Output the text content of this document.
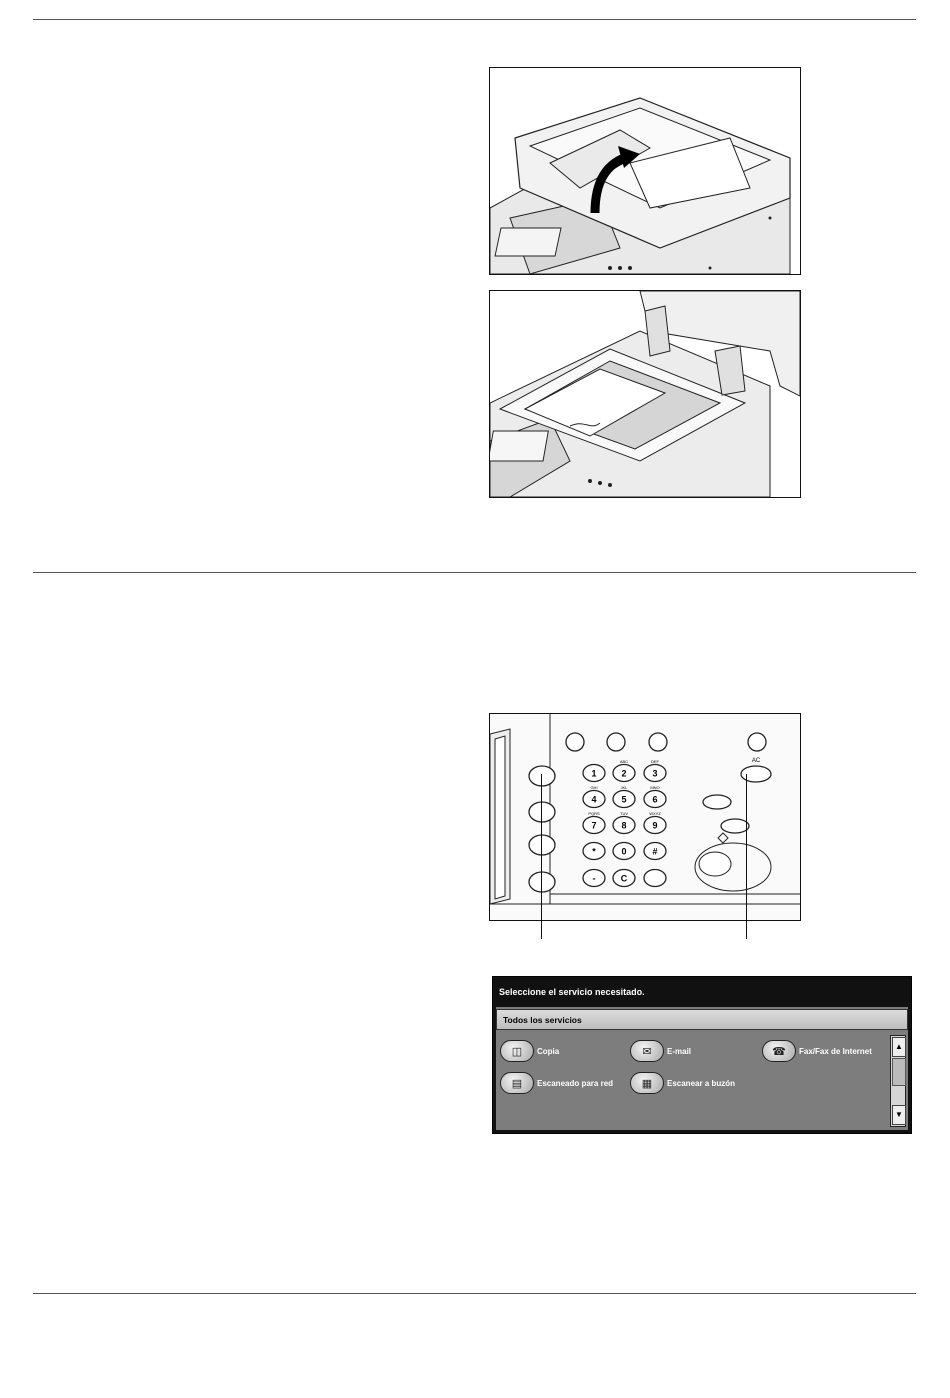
1	2	3
4	5	6
7	8	9
*	0	#
-	C
ABC	DEF
GHI	JKL	MNO
PQRS	TUV	WXYZ
AC
Seleccione el servicio necesitado.
Todos los servicios
◫	Copia	✉	E-mail	☎	Fax/Fax de Internet
▤	Escaneado para red	▦	Escanear a buzón
▲
▼
